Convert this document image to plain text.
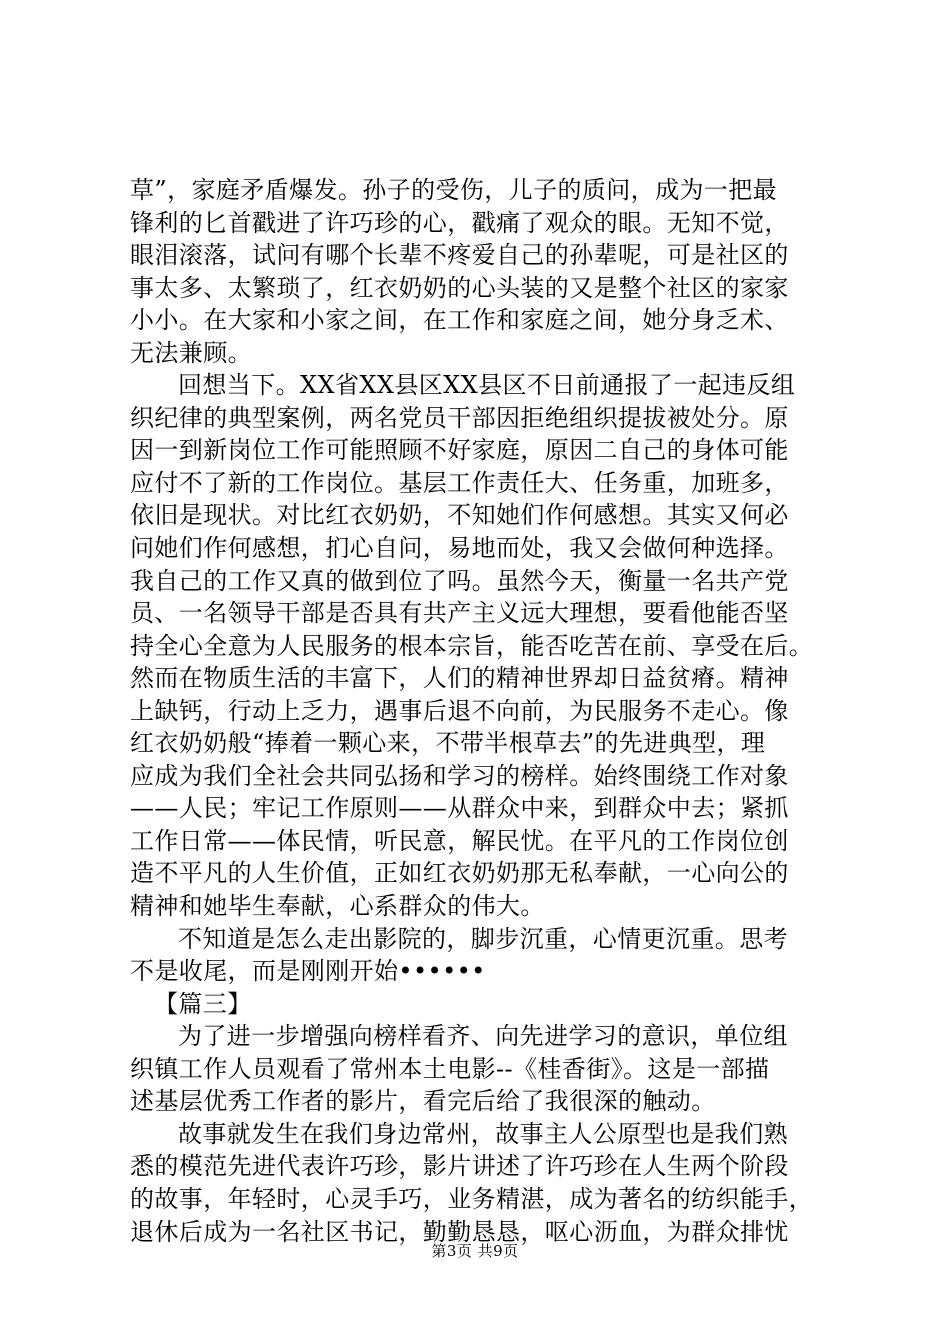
草”，家庭矛盾爆发。孙子的受伤，儿子的质问，成为一把最
锋利的匕首戳进了许巧珍的心，戳痛了观众的眼。无知不觉，
眼泪滚落，试问有哪个长辈不疼爱自己的孙辈呢，可是社区的
事太多、太繁琐了，红衣奶奶的心头装的又是整个社区的家家
小小。在大家和小家之间，在工作和家庭之间，她分身乏术、
无法兼顾。
回想当下。XX省XX县区XX县区不日前通报了一起违反组
织纪律的典型案例，两名党员干部因拒绝组织提拔被处分。原
因一到新岗位工作可能照顾不好家庭，原因二自己的身体可能
应付不了新的工作岗位。基层工作责任大、任务重，加班多，
依旧是现状。对比红衣奶奶，不知她们作何感想。其实又何必
问她们作何感想，扪心自问，易地而处，我又会做何种选择。
我自己的工作又真的做到位了吗。虽然今天，衡量一名共产党
员、一名领导干部是否具有共产主义远大理想，要看他能否坚
持全心全意为人民服务的根本宗旨，能否吃苦在前、享受在后。
然而在物质生活的丰富下，人们的精神世界却日益贫瘠。精神
上缺钙，行动上乏力，遇事后退不向前，为民服务不走心。像
红衣奶奶般“捧着一颗心来，不带半根草去”的先进典型，理
应成为我们全社会共同弘扬和学习的榜样。始终围绕工作对象
——人民；牢记工作原则——从群众中来，到群众中去；紧抓
工作日常——体民情，听民意，解民忧。在平凡的工作岗位创
造不平凡的人生价值，正如红衣奶奶那无私奉献，一心向公的
精神和她毕生奉献，心系群众的伟大。
不知道是怎么走出影院的，脚步沉重，心情更沉重。思考
不是收尾，而是刚刚开始••••••
【篇三】
为了进一步增强向榜样看齐、向先进学习的意识，单位组
织镇工作人员观看了常州本土电影--《桂香街》。这是一部描
述基层优秀工作者的影片，看完后给了我很深的触动。
故事就发生在我们身边常州，故事主人公原型也是我们熟
悉的模范先进代表许巧珍，影片讲述了许巧珍在人生两个阶段
的故事，年轻时，心灵手巧，业务精湛，成为著名的纺织能手，
退休后成为一名社区书记，勤勤恳恳，呕心沥血，为群众排忧
第3页 共9页
